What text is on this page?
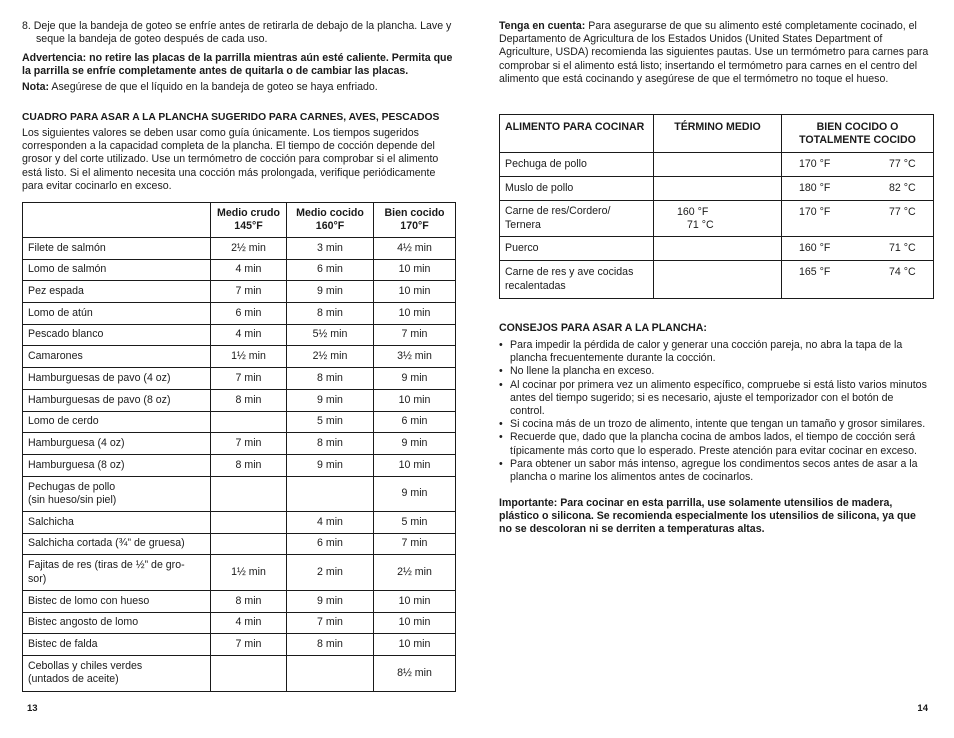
8. Deje que la bandeja de goteo se enfríe antes de retirarla de debajo de la plancha. Lave y seque la bandeja de goteo después de cada uso.

Advertencia: no retire las placas de la parrilla mientras aún esté caliente. Permita que la parrilla se enfríe completamente antes de quitarla o de cambiar las placas.

Nota: Asegúrese de que el líquido en la bandeja de goteo se haya enfriado.

CUADRO PARA ASAR A LA PLANCHA SUGERIDO PARA CARNES, AVES, PESCADOS

Los siguientes valores se deben usar como guía únicamente. Los tiempos sugeridos corresponden a la capacidad completa de la plancha. El tiempo de cocción depende del grosor y del corte utilizado. Use un termómetro de cocción para comprobar si el alimento está listo. Si el alimento necesita una cocción más prolongada, verifique periódicamente para evitar cocinarlo en exceso.

	Medio crudo
145°F	Medio cocido
160°F	Bien cocido
170°F
Filete de salmón	2½ min	3 min	4½ min
Lomo de salmón	4 min	6 min	10 min
Pez espada	7 min	9 min	10 min
Lomo de atún	6 min	8 min	10 min
Pescado blanco	4 min	5½ min	7 min
Camarones	1½ min	2½ min	3½ min
Hamburguesas de pavo (4 oz)	7 min	8 min	9 min
Hamburguesas de pavo (8 oz)	8 min	9 min	10 min
Lomo de cerdo		5 min	6 min
Hamburguesa (4 oz)	7 min	8 min	9 min
Hamburguesa (8 oz)	8 min	9 min	10 min
Pechugas de pollo
(sin hueso/sin piel)			9 min
Salchicha		4 min	5 min
Salchicha cortada (¾” de gruesa)		6 min	7 min
Fajitas de res (tiras de ½” de gro-
sor)	1½ min	2 min	2½ min
Bistec de lomo con hueso	8 min	9 min	10 min
Bistec angosto de lomo	4 min	7 min	10 min
Bistec de falda	7 min	8 min	10 min
Cebollas y chiles verdes
(untados de aceite)			8½ min
13

Tenga en cuenta: Para asegurarse de que su alimento esté completamente cocinado, el Departamento de Agricultura de los Estados Unidos (United States Department of Agriculture, USDA) recomienda las siguientes pautas. Use un termómetro para carnes para comprobar si el alimento está listo; insertando el termómetro para carnes en el centro del alimento que está cocinando y asegúrese de que el termómetro no toque el hueso.

ALIMENTO PARA COCINAR	TÉRMINO MEDIO	BIEN COCIDO O
TOTALMENTE COCIDO
Pechuga de pollo		170 °F 77 °C
Muslo de pollo		180 °F 82 °C
Carne de res/Cordero/
Ternera	160 °F71 °C	170 °F 77 °C
Puerco		160 °F 71 °C
Carne de res y ave cocidas
recalentadas		165 °F 74 °C

CONSEJOS PARA ASAR A LA PLANCHA:

• Para impedir la pérdida de calor y generar una cocción pareja, no abra la tapa de la plancha frecuentemente durante la cocción.
• No llene la plancha en exceso.
• Al cocinar por primera vez un alimento específico, compruebe si está listo varios minutos antes del tiempo sugerido; si es necesario, ajuste el temporizador con el botón de control.
• Si cocina más de un trozo de alimento, intente que tengan un tamaño y grosor similares.
• Recuerde que, dado que la plancha cocina de ambos lados, el tiempo de cocción será típicamente más corto que lo esperado. Preste atención para evitar cocinar en exceso.
• Para obtener un sabor más intenso, agregue los condimentos secos antes de asar a la plancha o marine los alimentos antes de cocinarlos.

Importante: Para cocinar en esta parrilla, use solamente utensilios de madera, plástico o silicona. Se recomienda especialmente los utensilios de silicona, ya que no se descoloran ni se derriten a temperaturas altas.

14
